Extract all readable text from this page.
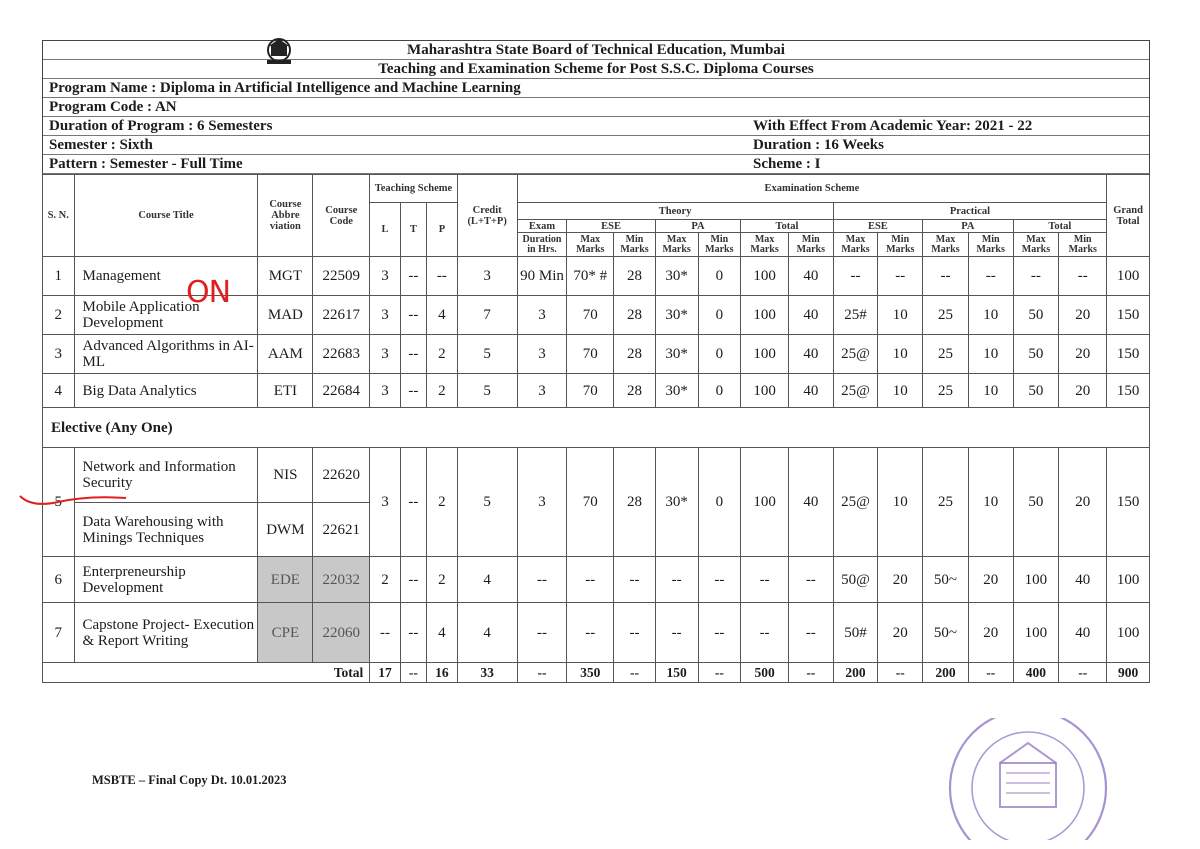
Maharashtra State Board of Technical Education, Mumbai
Teaching and Examination Scheme for Post S.S.C. Diploma Courses
Program Name : Diploma in Artificial Intelligence and Machine Learning
Program Code : AN
Duration of Program : 6 Semesters	With Effect From Academic Year: 2021 - 22
Semester : Sixth	Duration : 16 Weeks
Pattern : Semester - Full Time	Scheme : I
S. N.	Course Title	Course Abbre viation	Course Code	Teaching Scheme			Credit (L+T+P)	Examination Scheme													Grand Total
				L	T	P		Theory							Practical						
								Exam	ESE		PA		Total		ESE		PA		Total		
								Duration in Hrs.	Max Marks	Min Marks	Max Marks	Min Marks	Max Marks	Min Marks	Max Marks	Min Marks	Max Marks	Min Marks	Max Marks	Min Marks	
1	Management	MGT	22509	3	--	--	3	90 Min	70* #	28	30*	0	100	40	--	--	--	--	--	--	100
2	Mobile Application Development	MAD	22617	3	--	4	7	3	70	28	30*	0	100	40	25#	10	25	10	50	20	150
3	Advanced Algorithms in AI-ML	AAM	22683	3	--	2	5	3	70	28	30*	0	100	40	25@	10	25	10	50	20	150
4	Big Data Analytics	ETI	22684	3	--	2	5	3	70	28	30*	0	100	40	25@	10	25	10	50	20	150
Elective (Any One)																					
5	Network and Information Security	NIS	22620	3	--	2	5	3	70	28	30*	0	100	40	25@	10	25	10	50	20	150
	Data Warehousing with Minings Techniques	DWM	22621																		
6	Enterpreneurship Development	EDE	22032	2	--	2	4	--	--	--	--	--	--	--	50@	20	50~	20	100	40	100
7	Capstone Project- Execution & Report Writing	CPE	22060	--	--	4	4	--	--	--	--	--	--	--	50#	20	50~	20	100	40	100
Total				17	--	16	33	--	350	--	150	--	500	--	200	--	200	--	400	--	900
ON
MSBTE – Final Copy Dt. 10.01.2023
